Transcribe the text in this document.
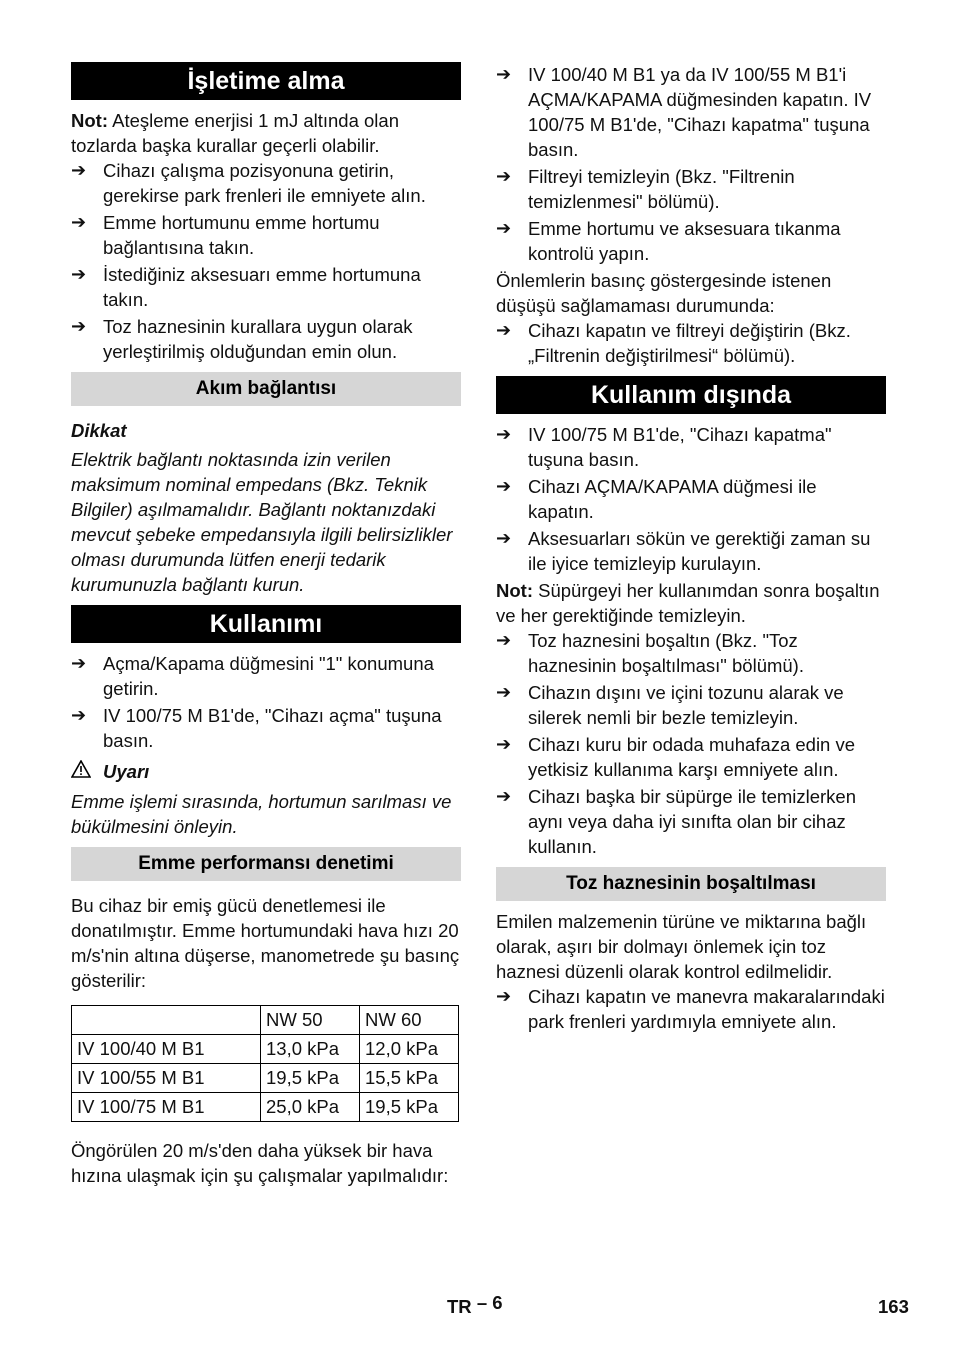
İşletime alma

Not: Ateşleme enerjisi 1 mJ altında olan tozlarda başka kurallar geçerli olabilir.

➔ Cihazı çalışma pozisyonuna getirin, gerekirse park frenleri ile emniyete alın.
➔ Emme hortumunu emme hortumu bağlantısına takın.
➔ İstediğiniz aksesuarı emme hortumuna takın.
➔ Toz haznesinin kurallara uygun olarak yerleştirilmiş olduğundan emin olun.
Akım bağlantısı

Dikkat

Elektrik bağlantı noktasında izin verilen maksimum nominal empedans (Bkz. Teknik Bilgiler) aşılmamalıdır. Bağlantı noktanızdaki mevcut şebeke empedansıyla ilgili belirsizlikler olması durumunda lütfen enerji tedarik kurumunuzla bağlantı kurun.

Kullanımı
➔ Açma/Kapama düğmesini "1" konumuna getirin.
➔ IV 100/75 M B1'de, "Cihazı açma" tuşuna basın.
Uyarı

Emme işlemi sırasında, hortumun sarılması ve bükülmesini önleyin.

Emme performansı denetimi

Bu cihaz bir emiş gücü denetlemesi ile donatılmıştır. Emme hortumundaki hava hızı 20 m/s'nin altına düşerse, manometrede şu basınç gösterilir:

	NW 50	NW 60
IV 100/40 M B1	13,0 kPa	12,0 kPa
IV 100/55 M B1	19,5 kPa	15,5 kPa
IV 100/75 M B1	25,0 kPa	19,5 kPa

Öngörülen 20 m/s'den daha yüksek bir hava hızına ulaşmak için şu çalışmalar yapılmalıdır:

➔ IV 100/40 M B1 ya da IV 100/55 M B1'i AÇMA/KAPAMA düğmesinden kapatın. IV 100/75 M B1'de, "Cihazı kapatma" tuşuna basın.
➔ Filtreyi temizleyin (Bkz. "Filtrenin temizlenmesi" bölümü).
➔ Emme hortumu ve aksesuara tıkanma kontrolü yapın.

Önlemlerin basınç göstergesinde istenen düşüşü sağlamaması durumunda:

➔ Cihazı kapatın ve filtreyi değiştirin (Bkz. „Filtrenin değiştirilmesi“ bölümü).
Kullanım dışında
➔ IV 100/75 M B1'de, "Cihazı kapatma" tuşuna basın.
➔ Cihazı AÇMA/KAPAMA düğmesi ile kapatın.
➔ Aksesuarları sökün ve gerektiği zaman su ile iyice temizleyip kurulayın.

Not: Süpürgeyi her kullanımdan sonra boşaltın ve her gerektiğinde temizleyin.

➔ Toz haznesini boşaltın (Bkz. "Toz haznesinin boşaltılması" bölümü).
➔ Cihazın dışını ve içini tozunu alarak ve silerek nemli bir bezle temizleyin.
➔ Cihazı kuru bir odada muhafaza edin ve yetkisiz kullanıma karşı emniyete alın.
➔ Cihazı başka bir süpürge ile temizlerken aynı veya daha iyi sınıfta olan bir cihaz kullanın.
Toz haznesinin boşaltılması

Emilen malzemenin türüne ve miktarına bağlı olarak, aşırı bir dolmayı önlemek için toz haznesi düzenli olarak kontrol edilmelidir.

➔ Cihazı kapatın ve manevra makaralarındaki park frenleri yardımıyla emniyete alın.
TR – 6	163
